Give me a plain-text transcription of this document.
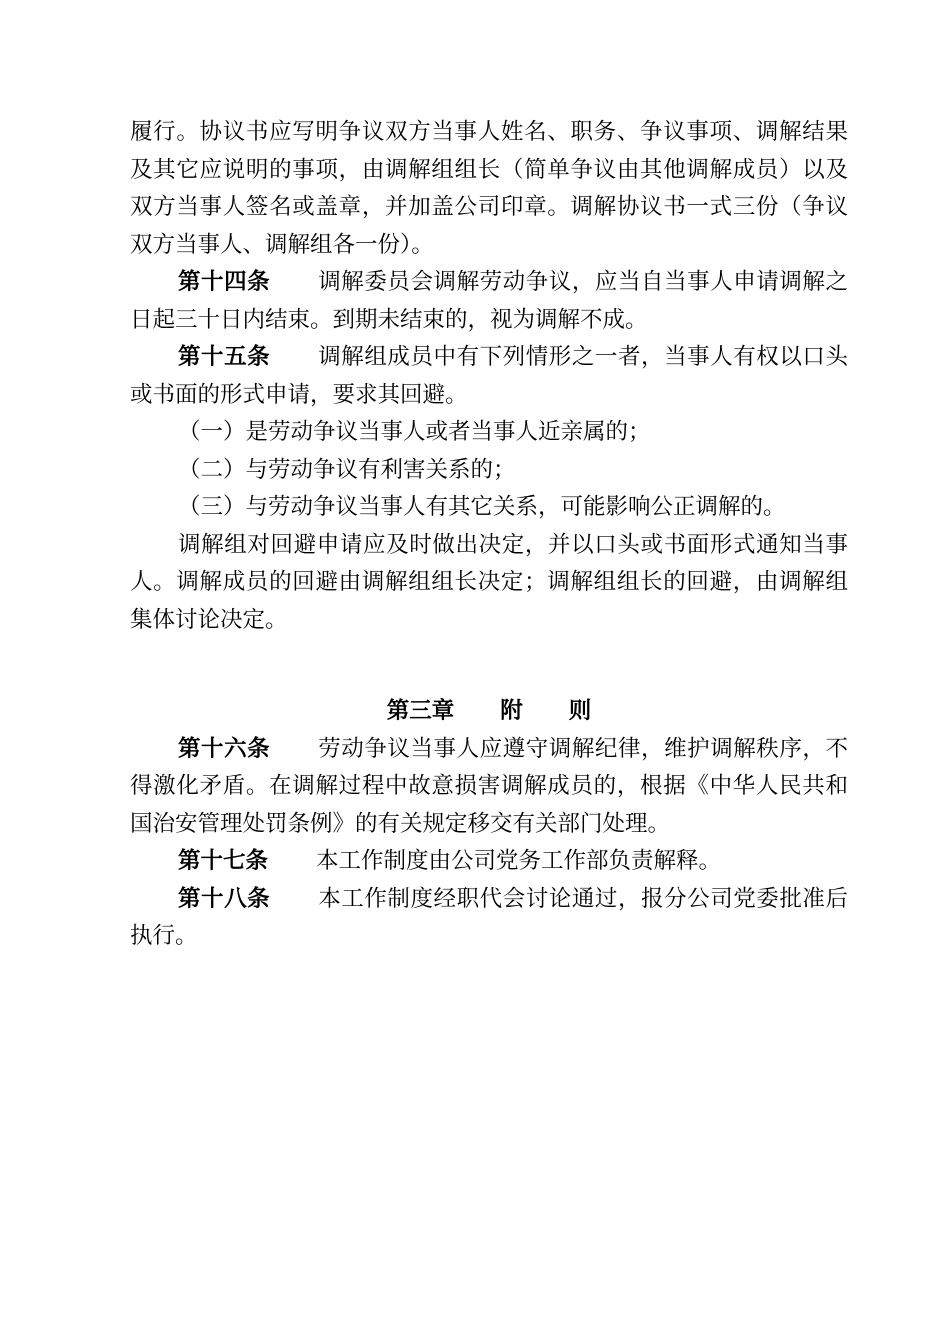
履行。协议书应写明争议双方当事人姓名、职务、争议事项、调解结果及其它应说明的事项，由调解组组长（简单争议由其他调解成员）以及双方当事人签名或盖章，并加盖公司印章。调解协议书一式三份（争议双方当事人、调解组各一份）。

第十四条 调解委员会调解劳动争议，应当自当事人申请调解之日起三十日内结束。到期未结束的，视为调解不成。

第十五条 调解组成员中有下列情形之一者，当事人有权以口头或书面的形式申请，要求其回避。

（一）是劳动争议当事人或者当事人近亲属的；

（二）与劳动争议有利害关系的；

（三）与劳动争议当事人有其它关系，可能影响公正调解的。

调解组对回避申请应及时做出决定，并以口头或书面形式通知当事人。调解成员的回避由调解组组长决定；调解组组长的回避，由调解组集体讨论决定。

第三章 附 则

第十六条 劳动争议当事人应遵守调解纪律，维护调解秩序，不得激化矛盾。在调解过程中故意损害调解成员的，根据《中华人民共和国治安管理处罚条例》的有关规定移交有关部门处理。

第十七条 本工作制度由公司党务工作部负责解释。

第十八条 本工作制度经职代会讨论通过，报分公司党委批准后执行。
